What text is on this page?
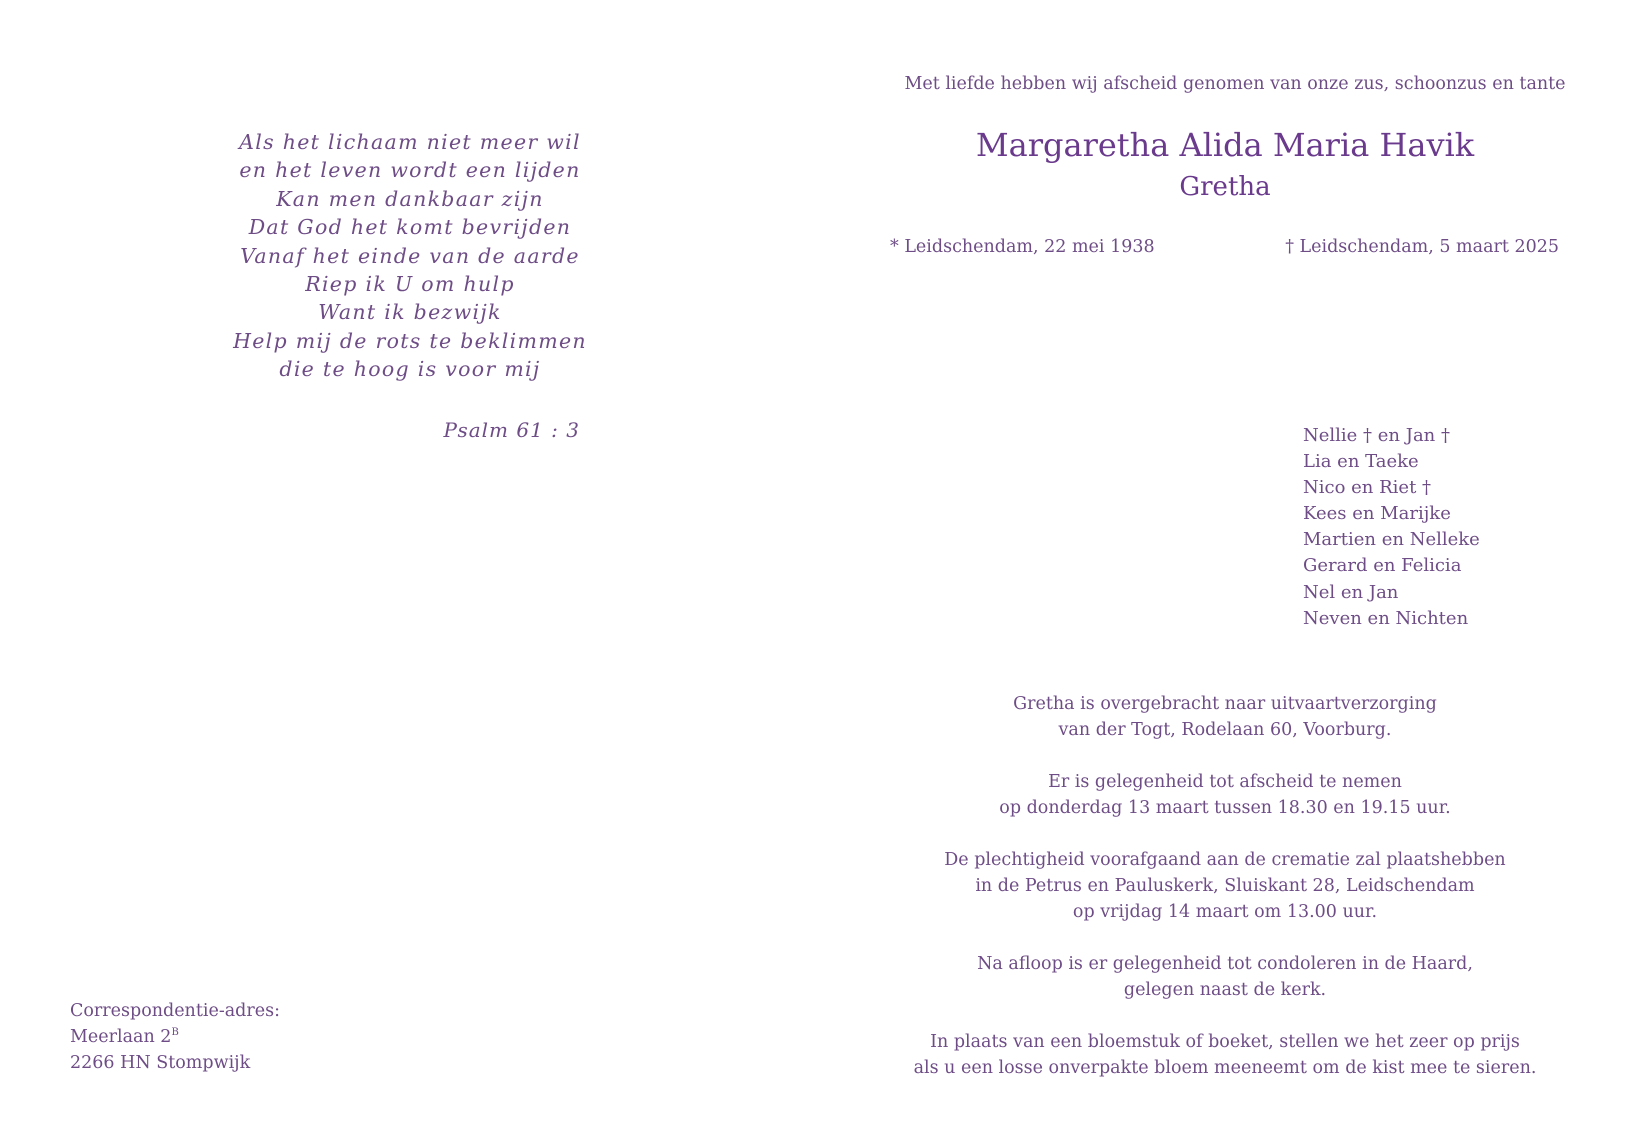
Als het lichaam niet meer wil
en het leven wordt een lijden
Kan men dankbaar zijn
Dat God het komt bevrijden
Vanaf het einde van de aarde
Riep ik U om hulp
Want ik bezwijk
Help mij de rots te beklimmen
die te hoog is voor mij
Psalm 61 : 3
Correspondentie-adres:
Meerlaan $2^B$
2266 HN Stompwijk
Met liefde hebben wij afscheid genomen van onze zus, schoonzus en tante
Margaretha Alida Maria Havik
Gretha
* Leidschendam, 22 mei 1938	† Leidschendam, 5 maart 2025
Nellie † en Jan †
Lia en Taeke
Nico en Riet †
Kees en Marijke
Martien en Nelleke
Gerard en Felicia
Nel en Jan
Neven en Nichten
Gretha is overgebracht naar uitvaartverzorging
van der Togt, Rodelaan 60, Voorburg.
Er is gelegenheid tot afscheid te nemen
op donderdag 13 maart tussen 18.30 en 19.15 uur.
De plechtigheid voorafgaand aan de crematie zal plaatshebben
in de Petrus en Pauluskerk, Sluiskant 28, Leidschendam
op vrijdag 14 maart om 13.00 uur.
Na afloop is er gelegenheid tot condoleren in de Haard,
gelegen naast de kerk.
In plaats van een bloemstuk of boeket, stellen we het zeer op prijs
als u een losse onverpakte bloem meeneemt om de kist mee te sieren.
